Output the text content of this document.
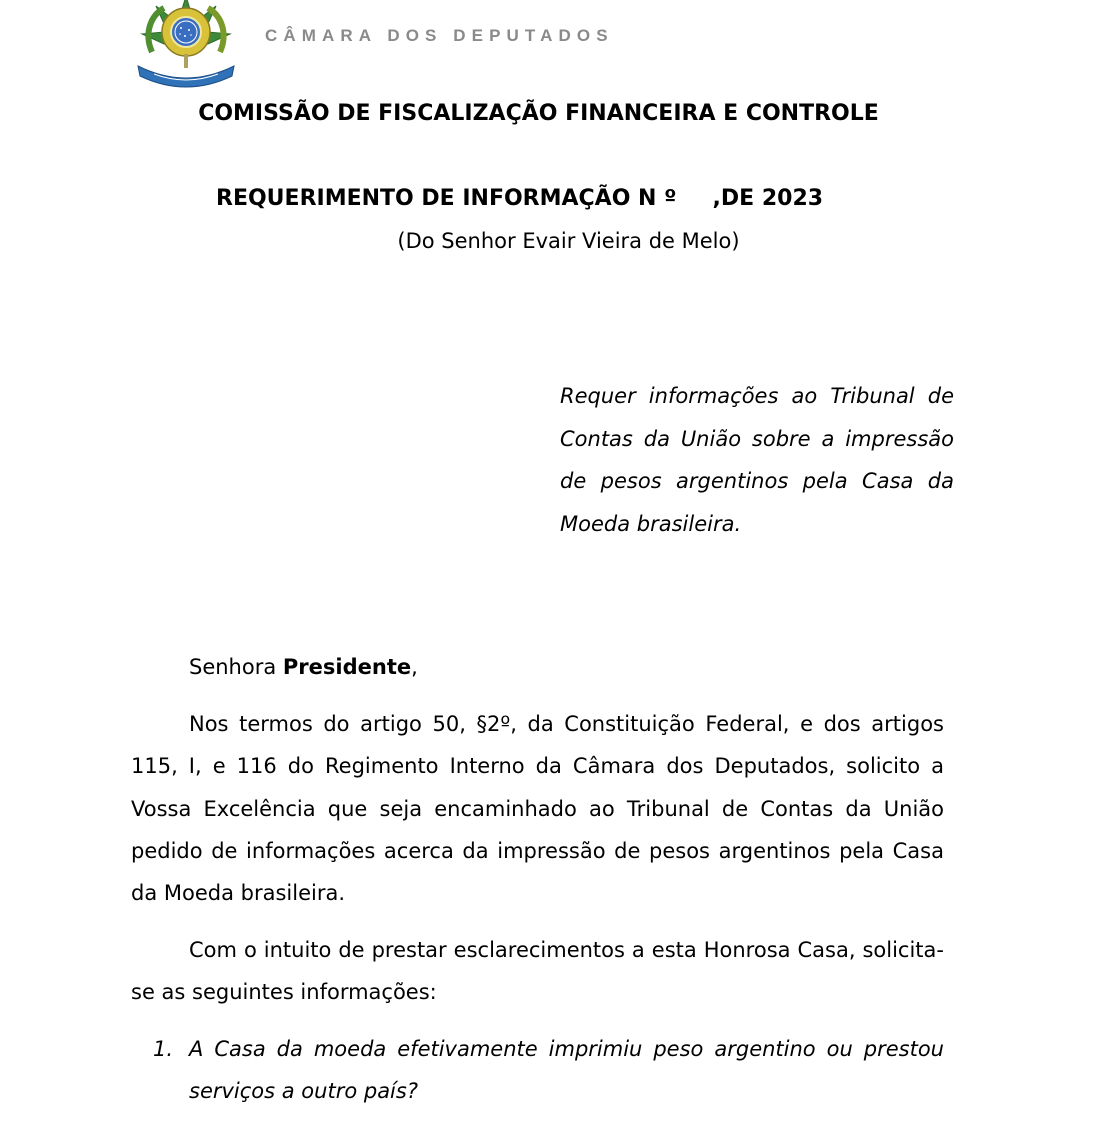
CÂMARA DOS DEPUTADOS
COMISSÃO DE FISCALIZAÇÃO FINANCEIRA E CONTROLE
REQUERIMENTO DE INFORMAÇÃO N º ,DE 2023
(Do Senhor Evair Vieira de Melo)
Requer informações ao Tribunal de Contas da União sobre a impressão de pesos argentinos pela Casa da Moeda brasileira.
Senhora Presidente,

Nos termos do artigo 50, §2º, da Constituição Federal, e dos artigos 115, I, e 116 do Regimento Interno da Câmara dos Deputados, solicito a Vossa Excelência que seja encaminhado ao Tribunal de Contas da União pedido de informações acerca da impressão de pesos argentinos pela Casa da Moeda brasileira.

Com o intuito de prestar esclarecimentos a esta Honrosa Casa, solicita-se as seguintes informações:

1. A Casa da moeda efetivamente imprimiu peso argentino ou prestou serviços a outro país?
